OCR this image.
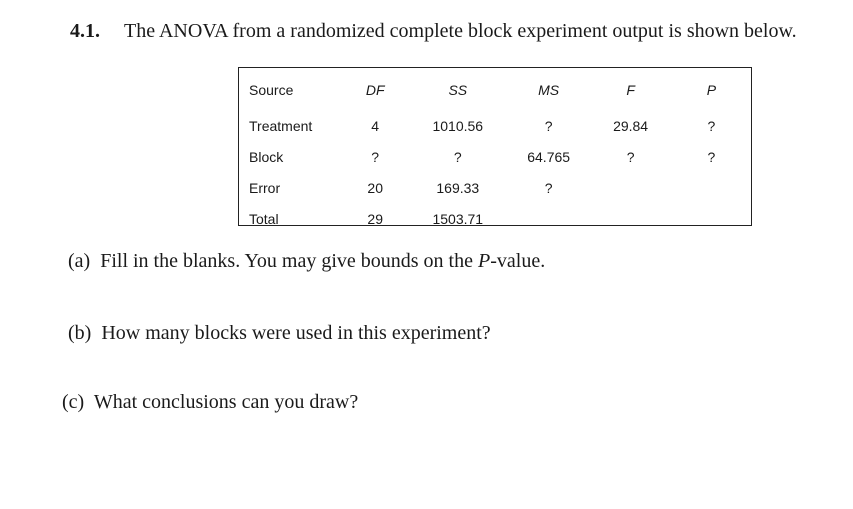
4.1. The ANOVA from a randomized complete block experiment output is shown below.
Source	DF	SS	MS	F	P
Treatment	4	1010.56	?	29.84	?
Block	?	?	64.765	?	?
Error	20	169.33	?		
Total	29	1503.71			
(a) Fill in the blanks. You may give bounds on the P-value.
(b) How many blocks were used in this experiment?
(c) What conclusions can you draw?
